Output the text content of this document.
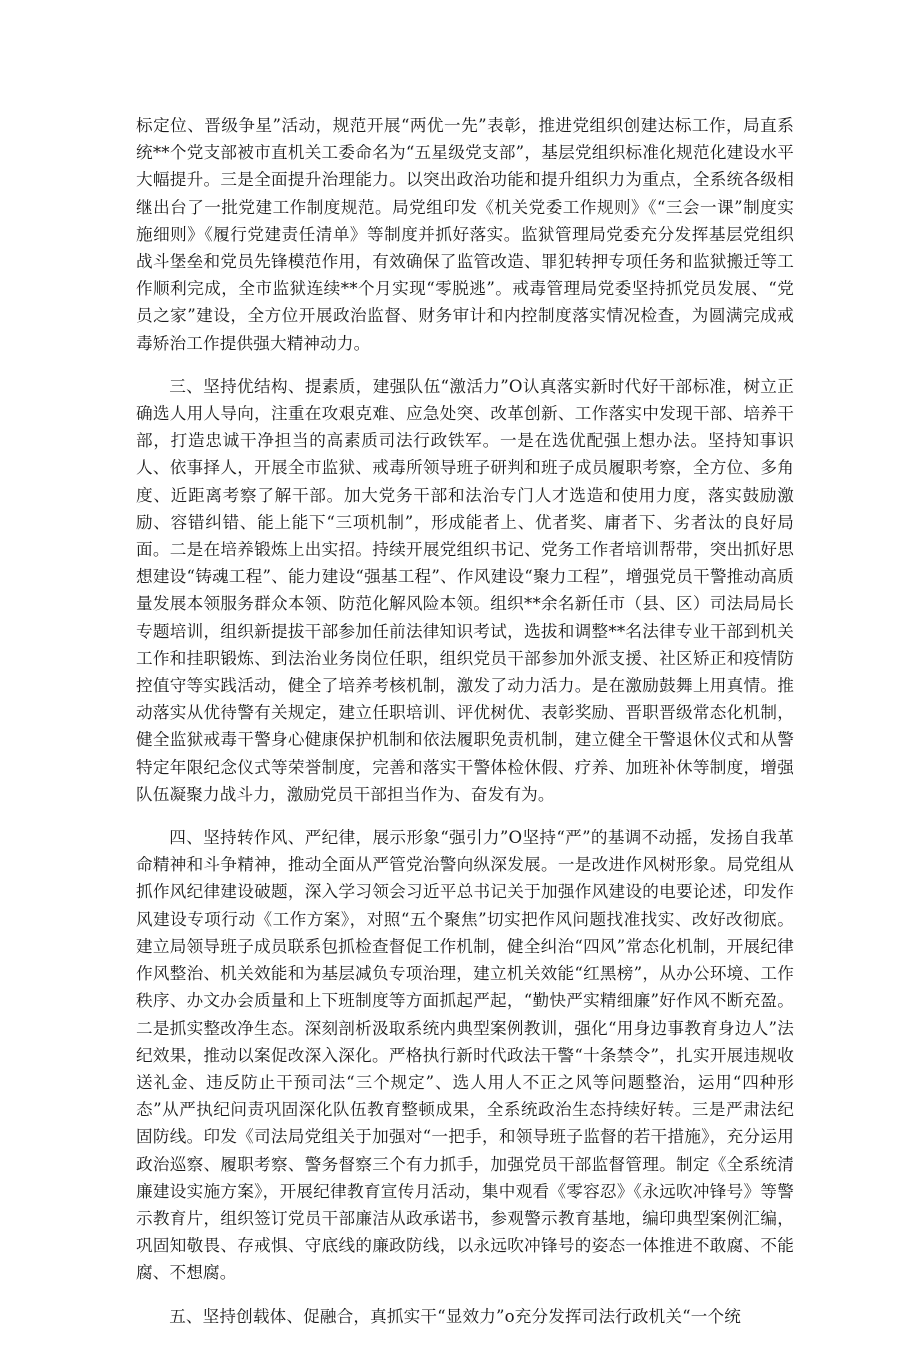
标定位、晋级争星”活动，规范开展“两优一先”表彰，推进党组织创建达标工作，局直系统**个党支部被市直机关工委命名为“五星级党支部”，基层党组织标准化规范化建设水平大幅提升。三是全面提升治理能力。以突出政治功能和提升组织力为重点，全系统各级相继出台了一批党建工作制度规范。局党组印发《机关党委工作规则》《“三会一课”制度实施细则》《履行党建责任清单》等制度并抓好落实。监狱管理局党委充分发挥基层党组织战斗堡垒和党员先锋模范作用，有效确保了监管改造、罪犯转押专项任务和监狱搬迁等工作顺利完成，全市监狱连续**个月实现“零脱逃”。戒毒管理局党委坚持抓党员发展、“党员之家”建设，全方位开展政治监督、财务审计和内控制度落实情况检查，为圆满完成戒毒矫治工作提供强大精神动力。

三、坚持优结构、提素质，建强队伍“激活力”O认真落实新时代好干部标准，树立正确选人用人导向，注重在攻艰克难、应急处突、改革创新、工作落实中发现干部、培养干部，打造忠诚干净担当的高素质司法行政铁军。一是在选优配强上想办法。坚持知事识人、依事择人，开展全市监狱、戒毒所领导班子研判和班子成员履职考察，全方位、多角度、近距离考察了解干部。加大党务干部和法治专门人才选造和使用力度，落实鼓励激励、容错纠错、能上能下“三项机制”，形成能者上、优者奖、庸者下、劣者汰的良好局面。二是在培养锻炼上出实招。持续开展党组织书记、党务工作者培训帮带，突出抓好思想建设“铸魂工程”、能力建设“强基工程”、作风建设“聚力工程”，增强党员干警推动高质量发展本领服务群众本领、防范化解风险本领。组织**余名新任市（县、区）司法局局长专题培训，组织新提拔干部参加任前法律知识考试，选拔和调整**名法律专业干部到机关工作和挂职锻炼、到法治业务岗位任职，组织党员干部参加外派支援、社区矫正和疫情防控值守等实践活动，健全了培养考核机制，激发了动力活力。是在激励鼓舞上用真情。推动落实从优待警有关规定，建立任职培训、评优树优、表彰奖励、晋职晋级常态化机制，健全监狱戒毒干警身心健康保护机制和依法履职免责机制，建立健全干警退休仪式和从警特定年限纪念仪式等荣誉制度，完善和落实干警体检休假、疗养、加班补休等制度，增强队伍凝聚力战斗力，激励党员干部担当作为、奋发有为。

四、坚持转作风、严纪律，展示形象“强引力”O坚持“严”的基调不动摇，发扬自我革命精神和斗争精神，推动全面从严管党治警向纵深发展。一是改进作风树形象。局党组从抓作风纪律建设破题，深入学习领会习近平总书记关于加强作风建设的电要论述，印发作风建设专项行动《工作方案》，对照“五个聚焦”切实把作风问题找准找实、改好改彻底。建立局领导班子成员联系包抓检查督促工作机制，健全纠治“四风”常态化机制，开展纪律作风整治、机关效能和为基层减负专项治理，建立机关效能“红黑榜”，从办公环境、工作秩序、办文办会质量和上下班制度等方面抓起严起，“勤快严实精细廉”好作风不断充盈。二是抓实整改净生态。深刻剖析汲取系统内典型案例教训，强化“用身边事教育身边人”法纪效果，推动以案促改深入深化。严格执行新时代政法干警“十条禁令”，扎实开展违规收送礼金、违反防止干预司法“三个规定”、选人用人不正之风等问题整治，运用“四种形态”从严执纪问责巩固深化队伍教育整顿成果，全系统政治生态持续好转。三是严肃法纪固防线。印发《司法局党组关于加强对“一把手，和领导班子监督的若干措施》，充分运用政治巡察、履职考察、警务督察三个有力抓手，加强党员干部监督管理。制定《全系统清廉建设实施方案》，开展纪律教育宣传月活动，集中观看《零容忍》《永远吹冲锋号》等警示教育片，组织签订党员干部廉洁从政承诺书，参观警示教育基地，编印典型案例汇编，巩固知敬畏、存戒惧、守底线的廉政防线，以永远吹冲锋号的姿态一体推进不敢腐、不能腐、不想腐。

五、坚持创载体、促融合，真抓实干“显效力”o充分发挥司法行政机关“一个统
